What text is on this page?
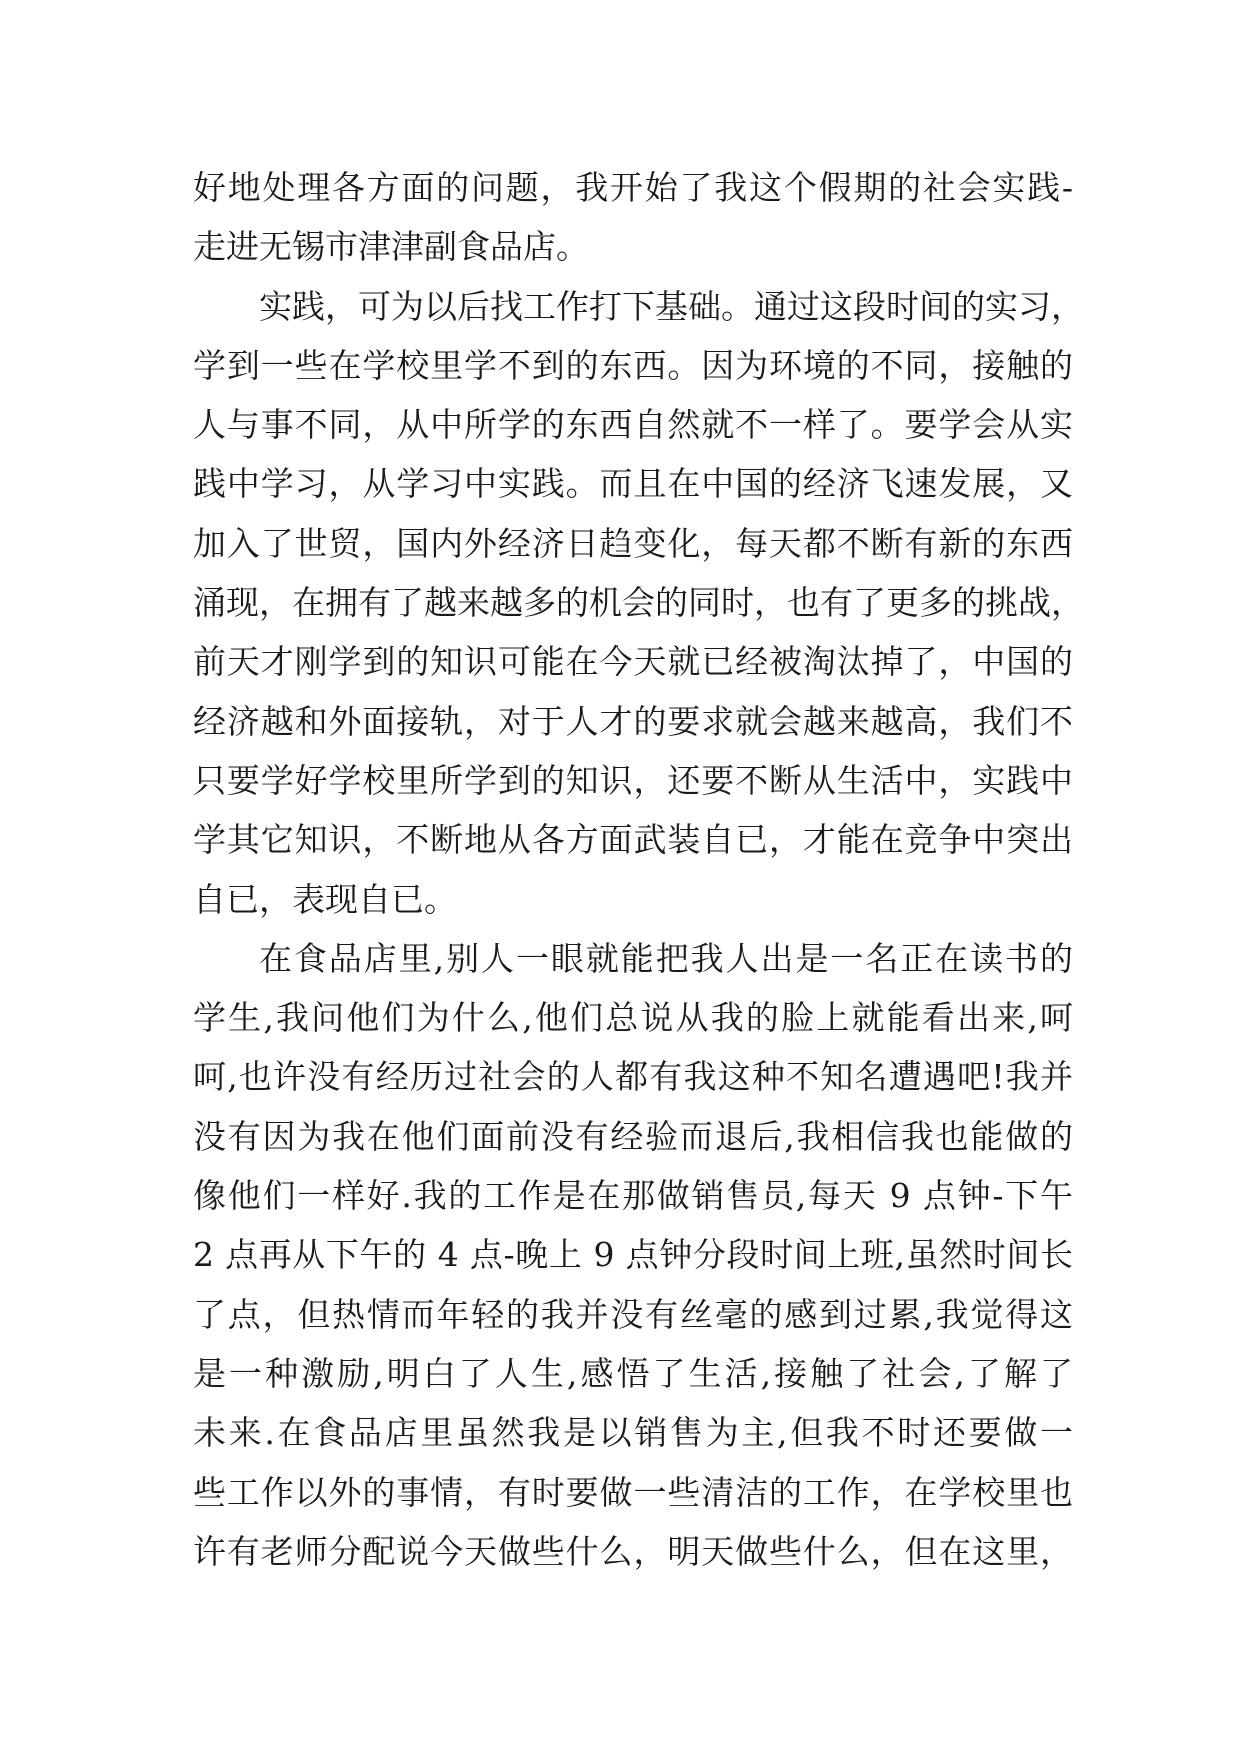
好地处理各方面的问题，我开始了我这个假期的社会实践-
走进无锡市津津副食品店。
实践，可为以后找工作打下基础。通过这段时间的实习，
学到一些在学校里学不到的东西。因为环境的不同，接触的
人与事不同，从中所学的东西自然就不一样了。要学会从实
践中学习，从学习中实践。而且在中国的经济飞速发展，又
加入了世贸，国内外经济日趋变化，每天都不断有新的东西
涌现，在拥有了越来越多的机会的同时，也有了更多的挑战，
前天才刚学到的知识可能在今天就已经被淘汰掉了，中国的
经济越和外面接轨，对于人才的要求就会越来越高，我们不
只要学好学校里所学到的知识，还要不断从生活中，实践中
学其它知识，不断地从各方面武装自已，才能在竞争中突出
自已，表现自已。
在食品店里,别人一眼就能把我人出是一名正在读书的
学生,我问他们为什么,他们总说从我的脸上就能看出来,呵
呵,也许没有经历过社会的人都有我这种不知名遭遇吧!我并
没有因为我在他们面前没有经验而退后,我相信我也能做的
像他们一样好.我的工作是在那做销售员,每天 9 点钟-下午
2 点再从下午的 4 点-晚上 9 点钟分段时间上班,虽然时间长
了点，但热情而年轻的我并没有丝毫的感到过累,我觉得这
是一种激励,明白了人生,感悟了生活,接触了社会,了解了
未来.在食品店里虽然我是以销售为主,但我不时还要做一
些工作以外的事情，有时要做一些清洁的工作，在学校里也
许有老师分配说今天做些什么，明天做些什么，但在这里，
